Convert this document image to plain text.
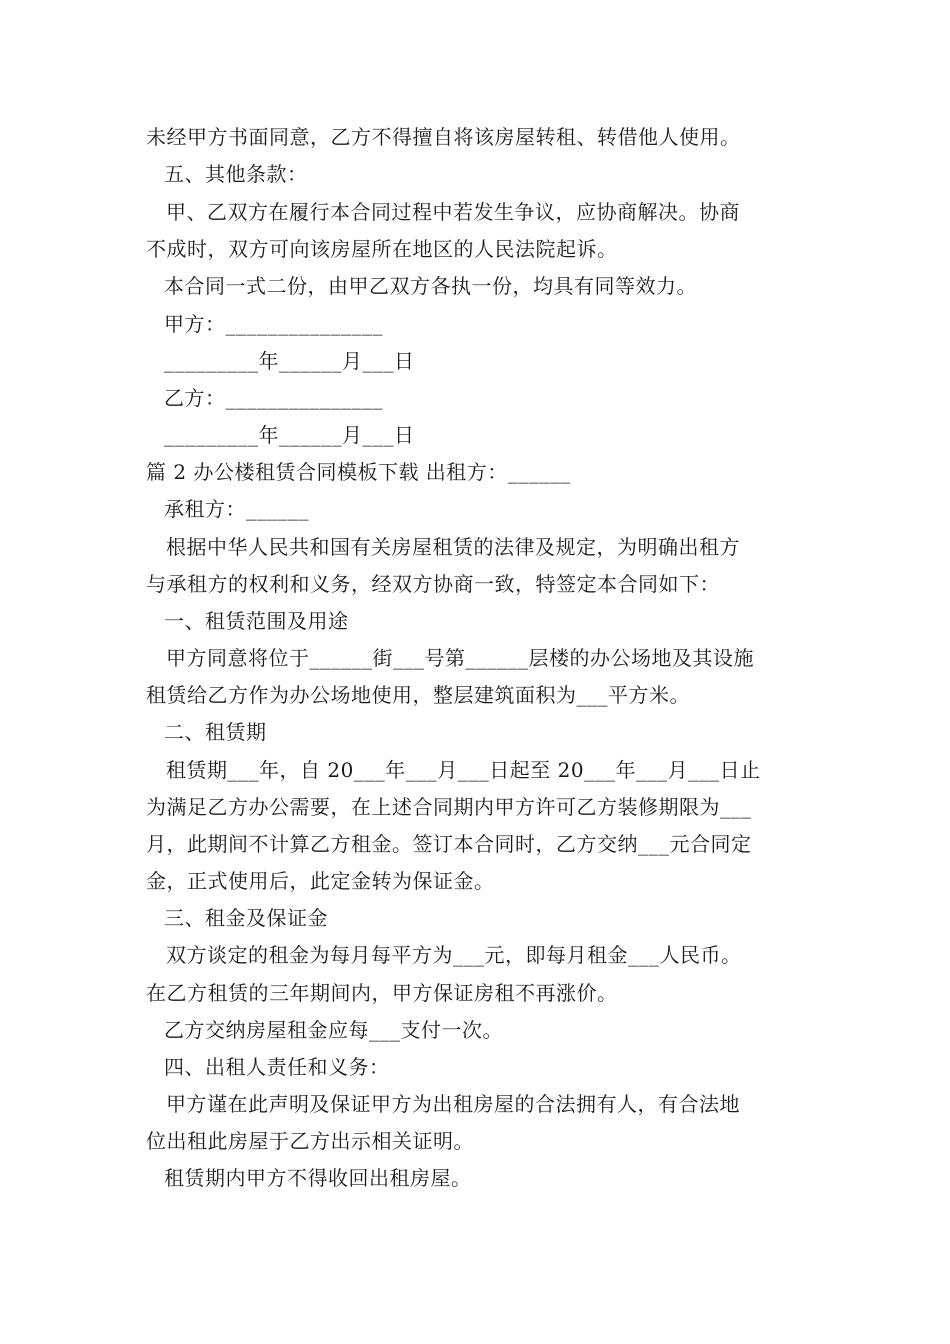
未经甲方书面同意，乙方不得擅自将该房屋转租、转借他人使用。
五、其他条款：
甲、乙双方在履行本合同过程中若发生争议，应协商解决。协商
不成时，双方可向该房屋所在地区的人民法院起诉。
本合同一式二份，由甲乙双方各执一份，均具有同等效力。
甲方：_______________
_________年______月___日
乙方：_______________
_________年______月___日
篇 2 办公楼租赁合同模板下载 出租方：______
承租方：______
根据中华人民共和国有关房屋租赁的法律及规定，为明确出租方
与承租方的权利和义务，经双方协商一致，特签定本合同如下：
一、租赁范围及用途
甲方同意将位于______街___号第______层楼的办公场地及其设施
租赁给乙方作为办公场地使用，整层建筑面积为___平方米。
二、租赁期
租赁期___年，自 20___年___月___日起至 20___年___月___日止
为满足乙方办公需要，在上述合同期内甲方许可乙方装修期限为___
月，此期间不计算乙方租金。签订本合同时，乙方交纳___元合同定
金，正式使用后，此定金转为保证金。
三、租金及保证金
双方谈定的租金为每月每平方为___元，即每月租金___人民币。
在乙方租赁的三年期间内，甲方保证房租不再涨价。
乙方交纳房屋租金应每___支付一次。
四、出租人责任和义务：
甲方谨在此声明及保证甲方为出租房屋的合法拥有人，有合法地
位出租此房屋于乙方出示相关证明。
租赁期内甲方不得收回出租房屋。
